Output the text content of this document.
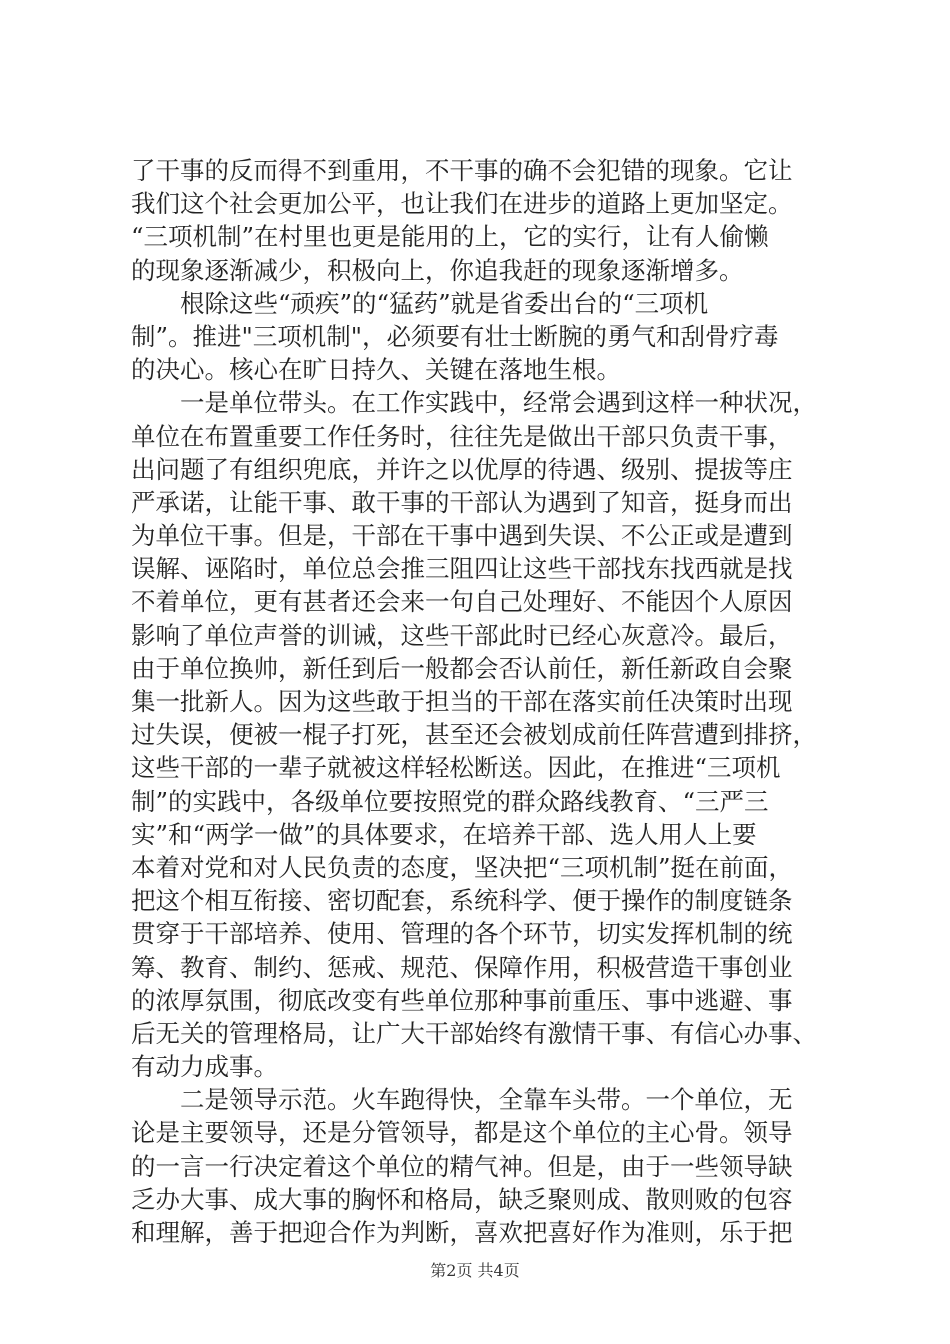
了干事的反而得不到重用，不干事的确不会犯错的现象。它让
我们这个社会更加公平，也让我们在进步的道路上更加坚定。
“三项机制”在村里也更是能用的上，它的实行，让有人偷懒
的现象逐渐减少，积极向上，你追我赶的现象逐渐增多。
　　根除这些“顽疾”的“猛药”就是省委出台的“三项机
制”。推进"三项机制"，必须要有壮士断腕的勇气和刮骨疗毒
的决心。核心在旷日持久、关键在落地生根。
　　一是单位带头。在工作实践中，经常会遇到这样一种状况，
单位在布置重要工作任务时，往往先是做出干部只负责干事，
出问题了有组织兜底，并许之以优厚的待遇、级别、提拔等庄
严承诺，让能干事、敢干事的干部认为遇到了知音，挺身而出
为单位干事。但是，干部在干事中遇到失误、不公正或是遭到
误解、诬陷时，单位总会推三阻四让这些干部找东找西就是找
不着单位，更有甚者还会来一句自己处理好、不能因个人原因
影响了单位声誉的训诫，这些干部此时已经心灰意冷。最后，
由于单位换帅，新任到后一般都会否认前任，新任新政自会聚
集一批新人。因为这些敢于担当的干部在落实前任决策时出现
过失误，便被一棍子打死，甚至还会被划成前任阵营遭到排挤，
这些干部的一辈子就被这样轻松断送。因此，在推进“三项机
制”的实践中，各级单位要按照党的群众路线教育、“三严三
实”和“两学一做”的具体要求，在培养干部、选人用人上要
本着对党和对人民负责的态度，坚决把“三项机制”挺在前面，
把这个相互衔接、密切配套，系统科学、便于操作的制度链条
贯穿于干部培养、使用、管理的各个环节，切实发挥机制的统
筹、教育、制约、惩戒、规范、保障作用，积极营造干事创业
的浓厚氛围，彻底改变有些单位那种事前重压、事中逃避、事
后无关的管理格局，让广大干部始终有激情干事、有信心办事、
有动力成事。
　　二是领导示范。火车跑得快，全靠车头带。一个单位，无
论是主要领导，还是分管领导，都是这个单位的主心骨。领导
的一言一行决定着这个单位的精气神。但是，由于一些领导缺
乏办大事、成大事的胸怀和格局，缺乏聚则成、散则败的包容
和理解，善于把迎合作为判断，喜欢把喜好作为准则，乐于把
第2页 共4页
